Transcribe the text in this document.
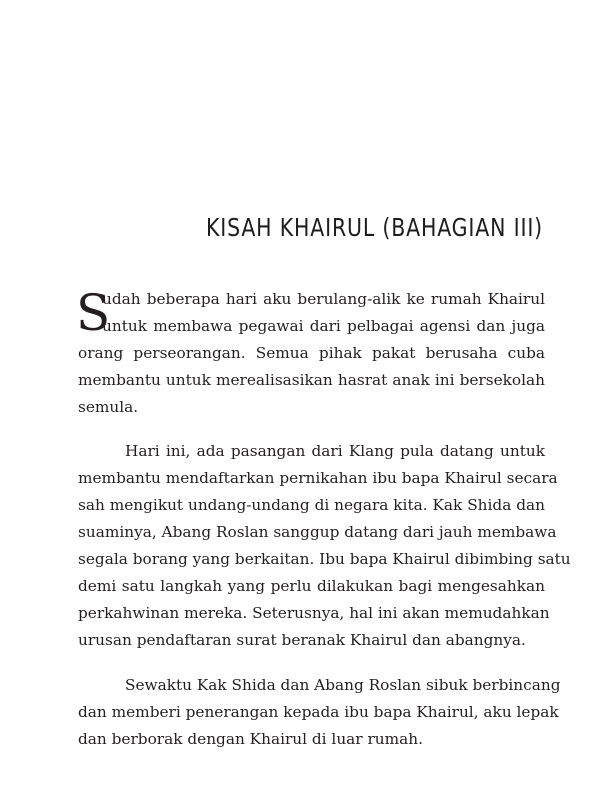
KISAH KHAIRUL (BAHAGIAN III)
S
udah beberapa hari aku berulang-alik ke rumah Khairul
untuk membawa pegawai dari pelbagai agensi dan juga
orang perseorangan. Semua pihak pakat berusaha cuba
membantu untuk merealisasikan hasrat anak ini bersekolah
semula.
Hari ini, ada pasangan dari Klang pula datang untuk
membantu mendaftarkan pernikahan ibu bapa Khairul secara
sah mengikut undang-undang di negara kita. Kak Shida dan
suaminya, Abang Roslan sanggup datang dari jauh membawa
segala borang yang berkaitan. Ibu bapa Khairul dibimbing satu
demi satu langkah yang perlu dilakukan bagi mengesahkan
perkahwinan mereka. Seterusnya, hal ini akan memudahkan
urusan pendaftaran surat beranak Khairul dan abangnya.
Sewaktu Kak Shida dan Abang Roslan sibuk berbincang
dan memberi penerangan kepada ibu bapa Khairul, aku lepak
dan berborak dengan Khairul di luar rumah.
